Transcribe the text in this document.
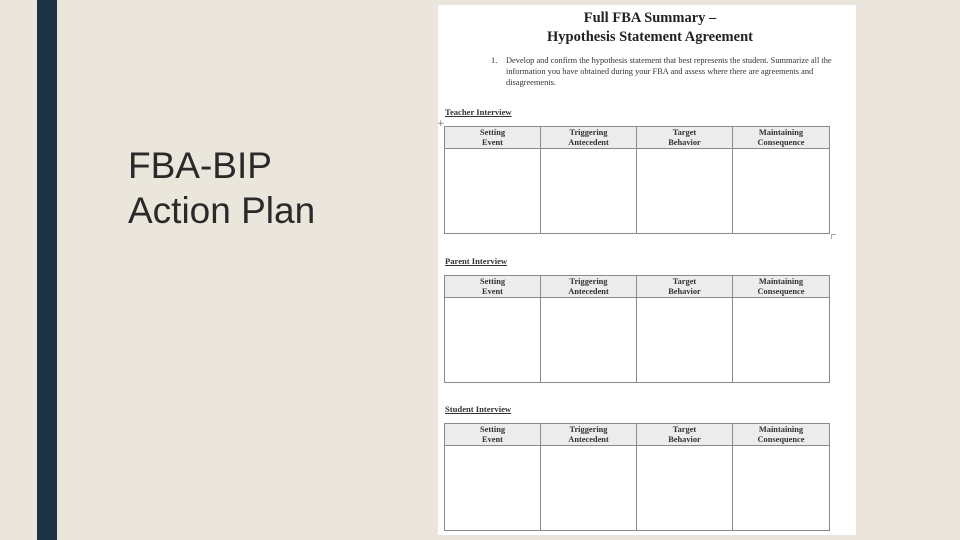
FBA-BIP
Action Plan
Full FBA Summary –
Hypothesis Statement Agreement
1. Develop and confirm the hypothesis statement that best represents the student. Summarize all the information you have obtained during your FBA and assess where there are agreements and disagreements.
Teacher Interview
+
Setting
Event
Triggering
Antecedent
Target
Behavior
Maintaining
Consequence
Parent Interview
Setting
Event
Triggering
Antecedent
Target
Behavior
Maintaining
Consequence
Student Interview
Setting
Event
Triggering
Antecedent
Target
Behavior
Maintaining
Consequence
